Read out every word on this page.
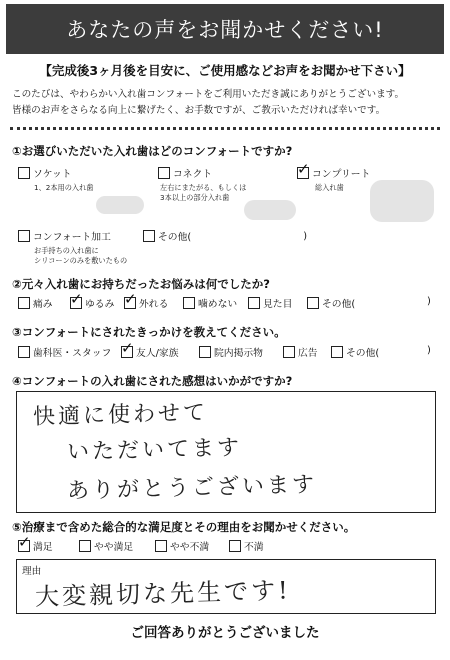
あなたの声をお聞かせください!
【完成後3ヶ月後を目安に、ご使用感などお声をお聞かせ下さい】
このたびは、やわらかい入れ歯コンフォートをご利用いただき誠にありがとうございます。
皆様のお声をさらなる向上に繋げたく、お手数ですが、ご教示いただければ幸いです。
①お選びいただいた入れ歯はどのコンフォートですか?
ソケット
1、2本用の入れ歯
コネクト
左右にまたがる、もしくは
3本以上の部分入れ歯
✓ コンプリート
総入れ歯
コンフォート加工
お手持ちの入れ歯に
シリコーンのみを敷いたもの
その他(	)
②元々入れ歯にお持ちだったお悩みは何でしたか?
痛み ✓ ゆるみ ✓ 外れる	噛めない	見た目	その他(	)
③コンフォートにされたきっかけを教えてください。
歯科医・スタッフ ✓ 友人/家族	院内掲示物	広告	その他(	)
④コンフォートの入れ歯にされた感想はいかがですか?
快適に使わせて
いただいてます
ありがとうございます
⑤治療まで含めた総合的な満足度とその理由をお聞かせください。
✓ 満足	やや満足	やや不満	不満
理由
大変親切な先生です!
ご回答ありがとうございました
